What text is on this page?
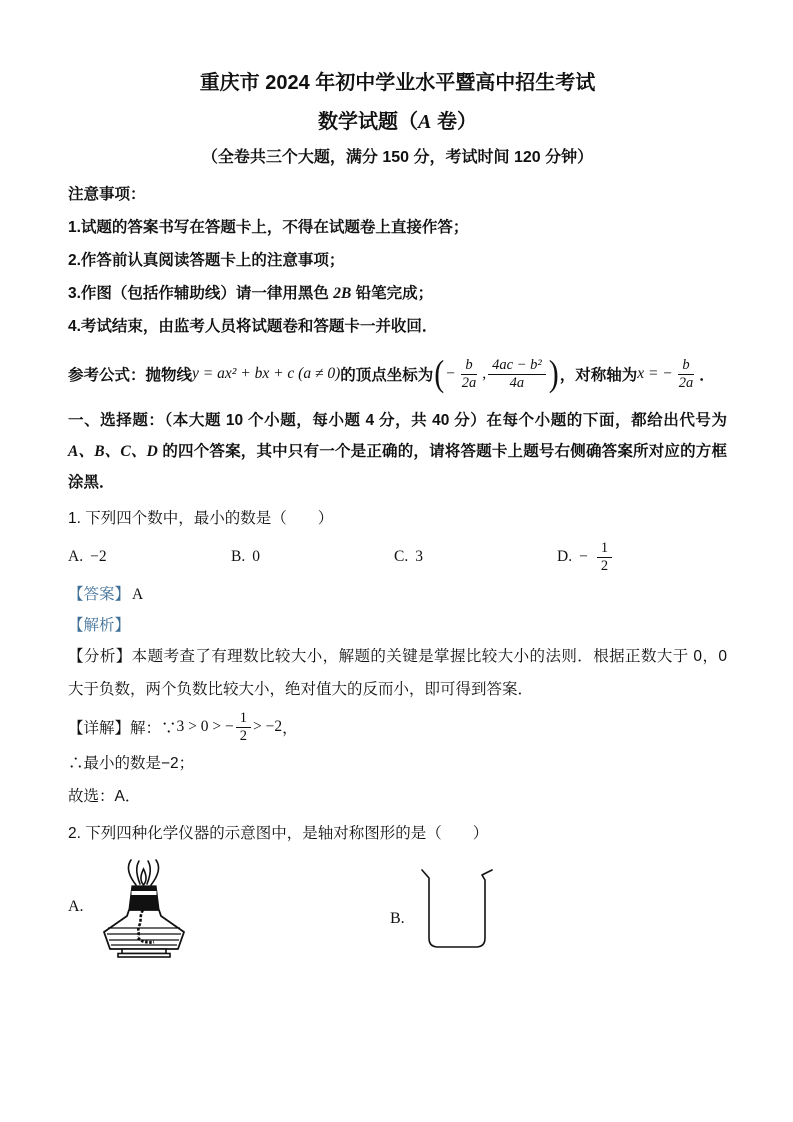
重庆市 2024 年初中学业水平暨高中招生考试
数学试题（A 卷）
（全卷共三个大题，满分 150 分，考试时间 120 分钟）
注意事项：
1.试题的答案书写在答题卡上，不得在试题卷上直接作答；
2.作答前认真阅读答题卡上的注意事项；
3.作图（包括作辅助线）请一律用黑色 2B 铅笔完成；
4.考试结束，由监考人员将试题卷和答题卡一并收回．
参考公式：抛物线 y = ax² + bx + c (a ≠ 0) 的顶点坐标为 ( − $\frac{b}{2a}$ , $\frac{\text{4ac − b²}}{4a}$ ) ，对称轴为 x = − $\frac{b}{2a}$ ．
一、选择题：（本大题 10 个小题，每小题 4 分，共 40 分）在每个小题的下面，都给出代号为A、B、C、D 的四个答案，其中只有一个是正确的，请将答题卡上题号右侧确答案所对应的方框涂黑．
1. 下列四个数中，最小的数是（　　）
A. −2	B. 0	C. 3	D. − $\frac{1}{2}$
【答案】 A
【解析】
【分析】本题考查了有理数比较大小，解题的关键是掌握比较大小的法则．根据正数大于 0，0 大于负数，两个负数比较大小，绝对值大的反而小，即可得到答案．
【详解】 解：∵ 3 > 0 > − $\frac{1}{2} > -2$ ，
∴最小的数是−2；
故选：A．
2. 下列四种化学仪器的示意图中，是轴对称图形的是（　　）
A.
B.
